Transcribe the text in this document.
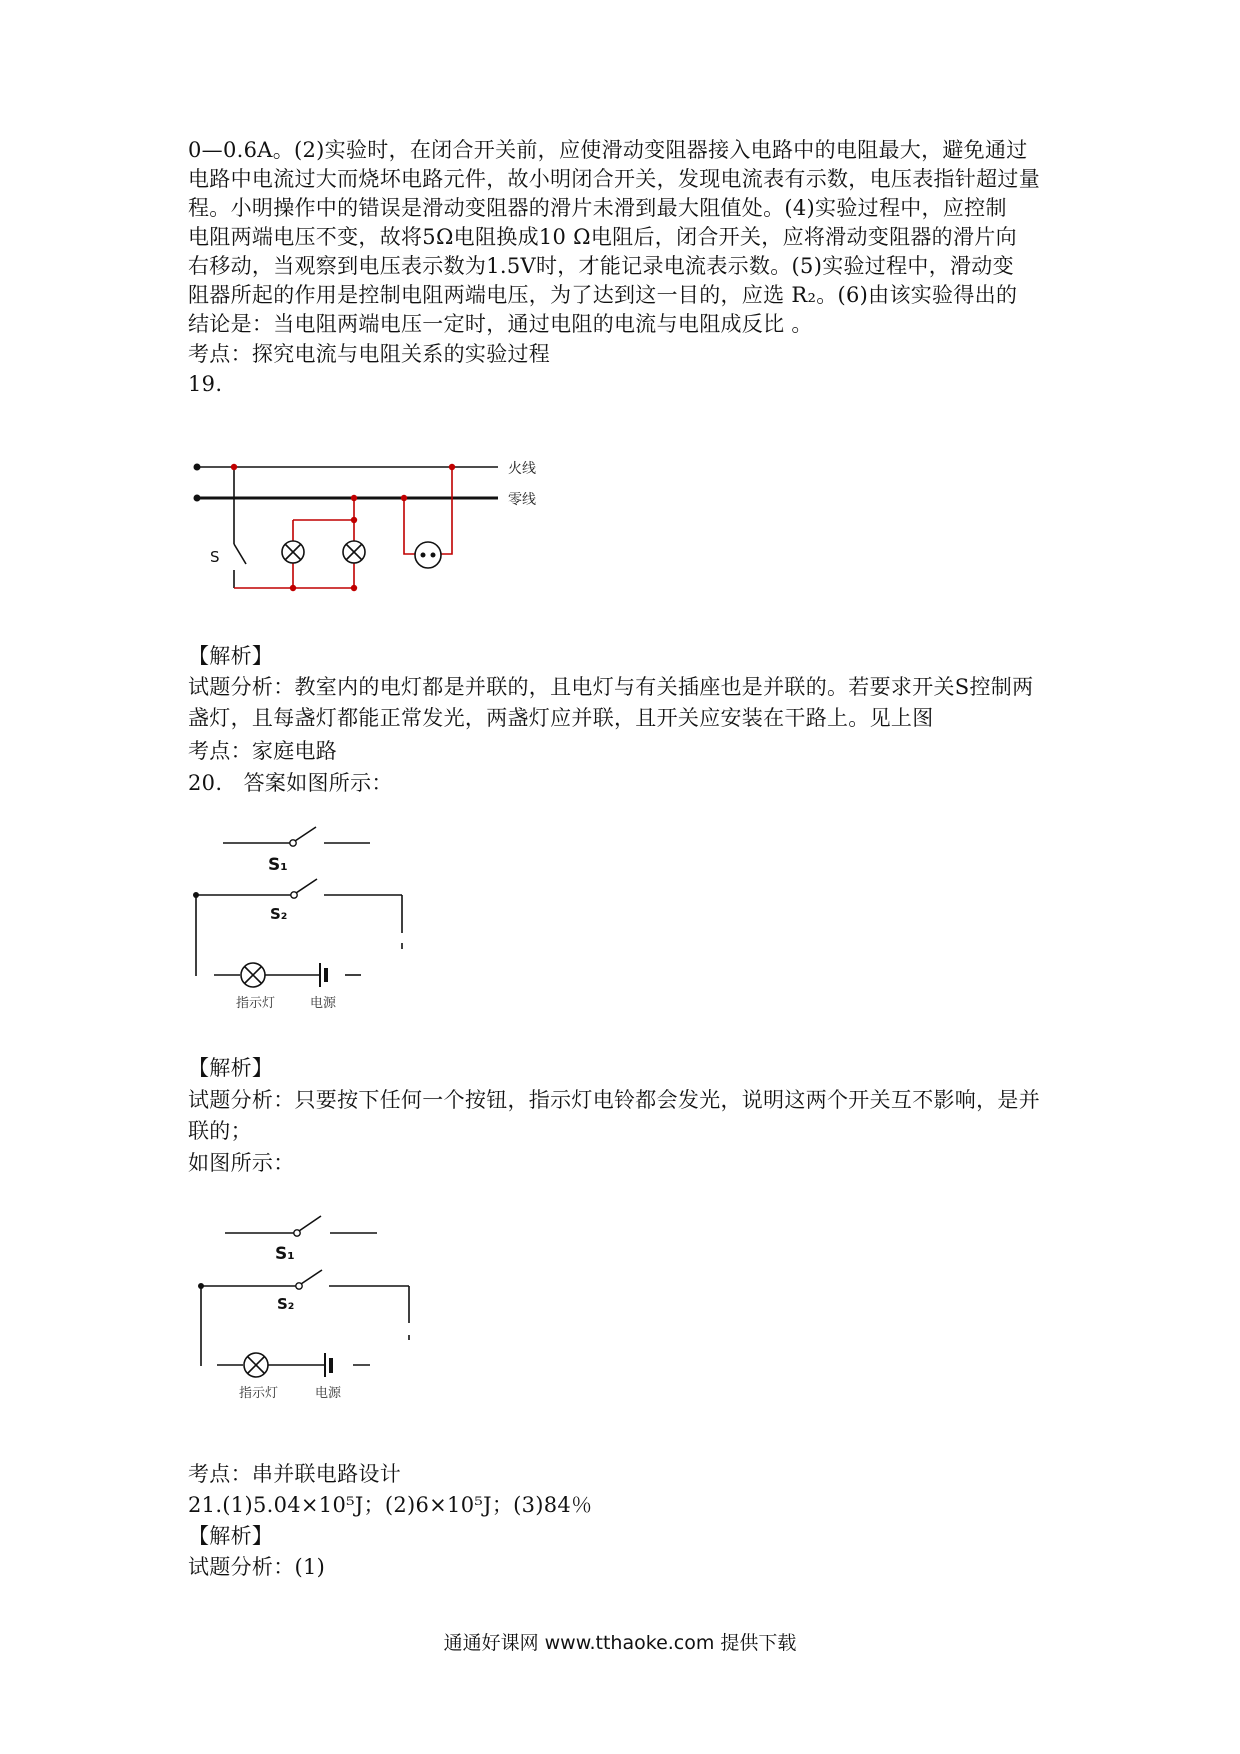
0—0.6A。(2)实验时，在闭合开关前，应使滑动变阻器接入电路中的电阻最大，避免通过
电路中电流过大而烧坏电路元件，故小明闭合开关，发现电流表有示数，电压表指针超过量
程。小明操作中的错误是滑动变阻器的滑片未滑到最大阻值处。(4)实验过程中，应控制
电阻两端电压不变，故将5Ω电阻换成10 Ω电阻后，闭合开关，应将滑动变阻器的滑片向
右移动，当观察到电压表示数为1.5V时，才能记录电流表示数。(5)实验过程中，滑动变
阻器所起的作用是控制电阻两端电压，为了达到这一目的，应选 R₂。(6)由该实验得出的
结论是：当电阻两端电压一定时，通过电阻的电流与电阻成反比 。
考点：探究电流与电阻关系的实验过程
19.
火线
零线
S
【解析】
试题分析：教室内的电灯都是并联的，且电灯与有关插座也是并联的。若要求开关S控制两
盏灯，且每盏灯都能正常发光，两盏灯应并联，且开关应安装在干路上。见上图
考点：家庭电路
20.　答案如图所示：
S₁
S₂
指示灯	电源
【解析】
试题分析：只要按下任何一个按钮，指示灯电铃都会发光，说明这两个开关互不影响，是并
联的；
如图所示：
S₁
S₂
指示灯	电源
考点：串并联电路设计
21.(1)5.04×10⁵J；(2)6×10⁵J；(3)84％
【解析】
试题分析：(1)
通通好课网 www.tthaoke.com 提供下载
